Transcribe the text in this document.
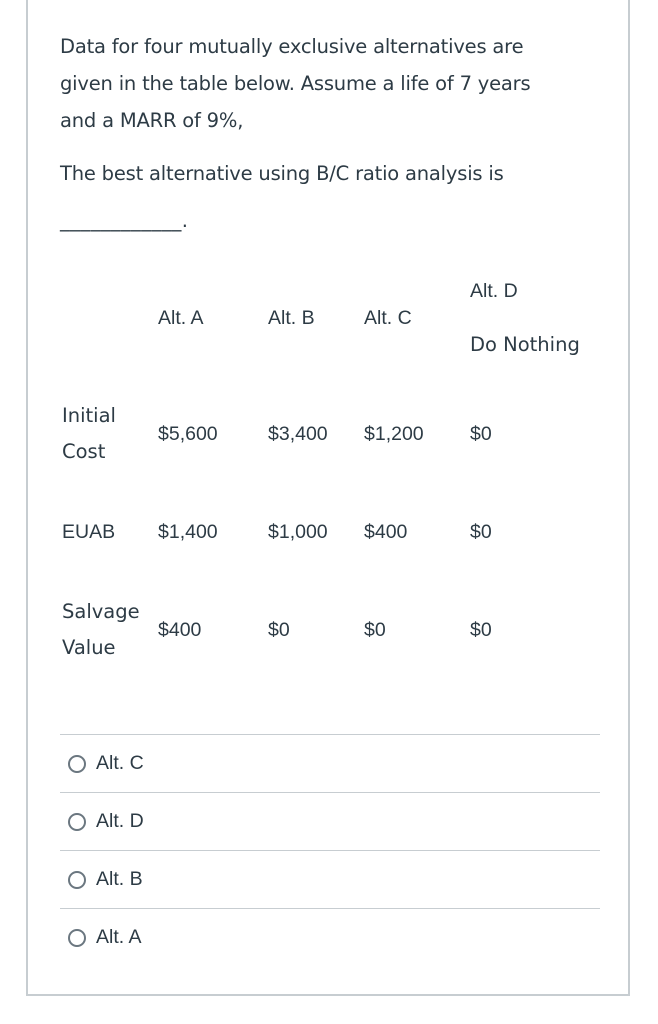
Data for four mutually exclusive alternatives are

given in the table below. Assume a life of 7 years

and a MARR of 9%,

The best alternative using B/C ratio analysis is

____________.

	Alt. A	Alt. B	Alt. C	Alt. D
Do Nothing

Initial
Cost	$5,600	$3,400	$1,200	$0
EUAB	$1,400	$1,000	$400	$0

Salvage
Value	$400	$0	$0	$0
Alt. C
Alt. D
Alt. B
Alt. A
